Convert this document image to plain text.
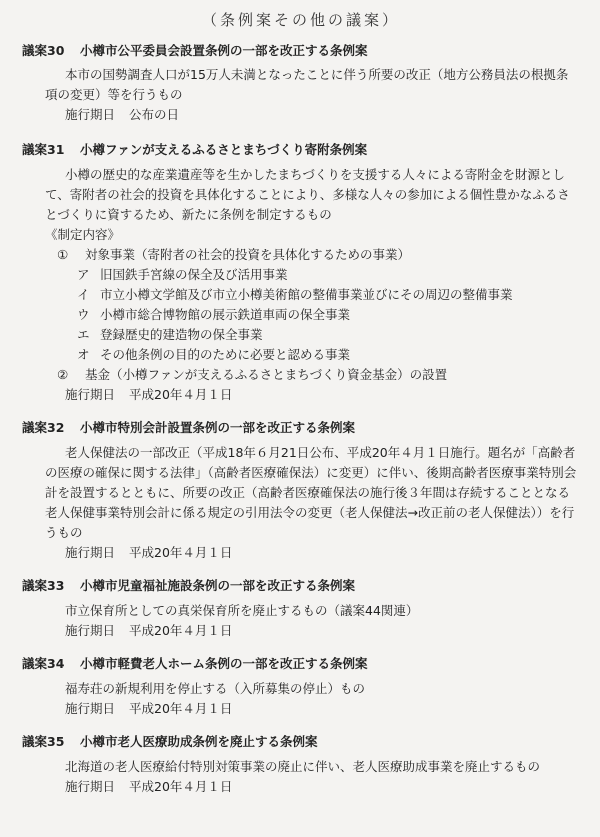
（条例案その他の議案）
議案30	小樽市公平委員会設置条例の一部を改正する条例案
本市の国勢調査人口が15万人未満となったことに伴う所要の改正（地方公務員法の根拠条項の変更）等を行うもの
施行期日 公布の日
議案31	小樽ファンが支えるふるさとまちづくり寄附条例案
小樽の歴史的な産業遺産等を生かしたまちづくりを支援する人々による寄附金を財源として、寄附者の社会的投資を具体化することにより、多様な人々の参加による個性豊かなふるさとづくりに資するため、新たに条例を制定するもの
《制定内容》
①	対象事業（寄附者の社会的投資を具体化するための事業）
ア 旧国鉄手宮線の保全及び活用事業
イ 市立小樽文学館及び市立小樽美術館の整備事業並びにその周辺の整備事業
ウ 小樽市総合博物館の展示鉄道車両の保全事業
エ 登録歴史的建造物の保全事業
オ その他条例の目的のために必要と認める事業
②	基金（小樽ファンが支えるふるさとまちづくり資金基金）の設置
施行期日 平成20年４月１日
議案32	小樽市特別会計設置条例の一部を改正する条例案
老人保健法の一部改正（平成18年６月21日公布、平成20年４月１日施行。題名が「高齢者の医療の確保に関する法律」（高齢者医療確保法）に変更）に伴い、後期高齢者医療事業特別会計を設置するとともに、所要の改正（高齢者医療確保法の施行後３年間は存続することとなる老人保健事業特別会計に係る規定の引用法令の変更（老人保健法→改正前の老人保健法））を行うもの
施行期日 平成20年４月１日
議案33	小樽市児童福祉施設条例の一部を改正する条例案
市立保育所としての真栄保育所を廃止するもの（議案44関連）
施行期日 平成20年４月１日
議案34	小樽市軽費老人ホーム条例の一部を改正する条例案
福寿荘の新規利用を停止する（入所募集の停止）もの
施行期日 平成20年４月１日
議案35	小樽市老人医療助成条例を廃止する条例案
北海道の老人医療給付特別対策事業の廃止に伴い、老人医療助成事業を廃止するもの
施行期日 平成20年４月１日
